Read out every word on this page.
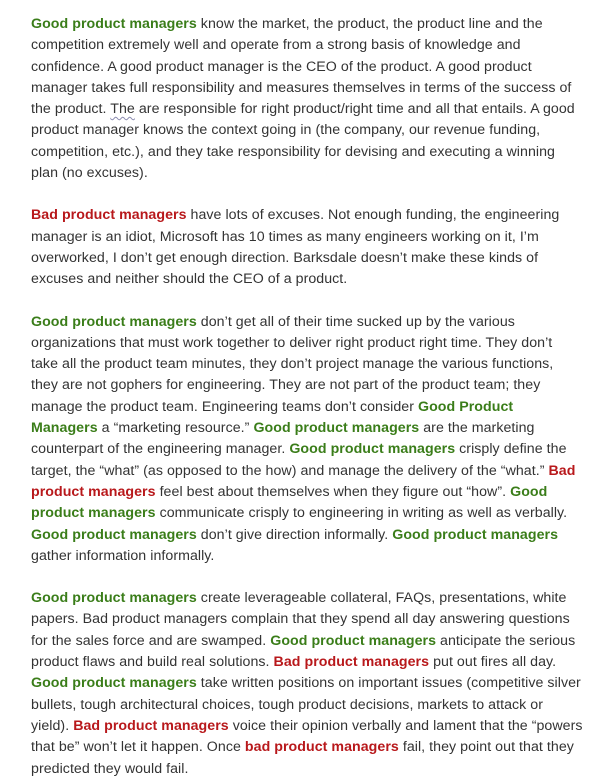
Good product managers know the market, the product, the product line and the competition extremely well and operate from a strong basis of knowledge and confidence. A good product manager is the CEO of the product. A good product manager takes full responsibility and measures themselves in terms of the success of the product. The are responsible for right product/right time and all that entails. A good product manager knows the context going in (the company, our revenue funding, competition, etc.), and they take responsibility for devising and executing a winning plan (no excuses).

Bad product managers have lots of excuses. Not enough funding, the engineering manager is an idiot, Microsoft has 10 times as many engineers working on it, I’m overworked, I don’t get enough direction. Barksdale doesn’t make these kinds of excuses and neither should the CEO of a product.

Good product managers don’t get all of their time sucked up by the various organizations that must work together to deliver right product right time. They don’t take all the product team minutes, they don’t project manage the various functions, they are not gophers for engineering. They are not part of the product team; they manage the product team. Engineering teams don’t consider Good Product Managers a “marketing resource.” Good product managers are the marketing counterpart of the engineering manager. Good product managers crisply define the target, the “what” (as opposed to the how) and manage the delivery of the “what.” Bad product managers feel best about themselves when they figure out “how”. Good product managers communicate crisply to engineering in writing as well as verbally. Good product managers don’t give direction informally. Good product managers gather information informally.

Good product managers create leverageable collateral, FAQs, presentations, white papers. Bad product managers complain that they spend all day answering questions for the sales force and are swamped. Good product managers anticipate the serious product flaws and build real solutions. Bad product managers put out fires all day. Good product managers take written positions on important issues (competitive silver bullets, tough architectural choices, tough product decisions, markets to attack or yield). Bad product managers voice their opinion verbally and lament that the “powers that be” won’t let it happen. Once bad product managers fail, they point out that they predicted they would fail.
